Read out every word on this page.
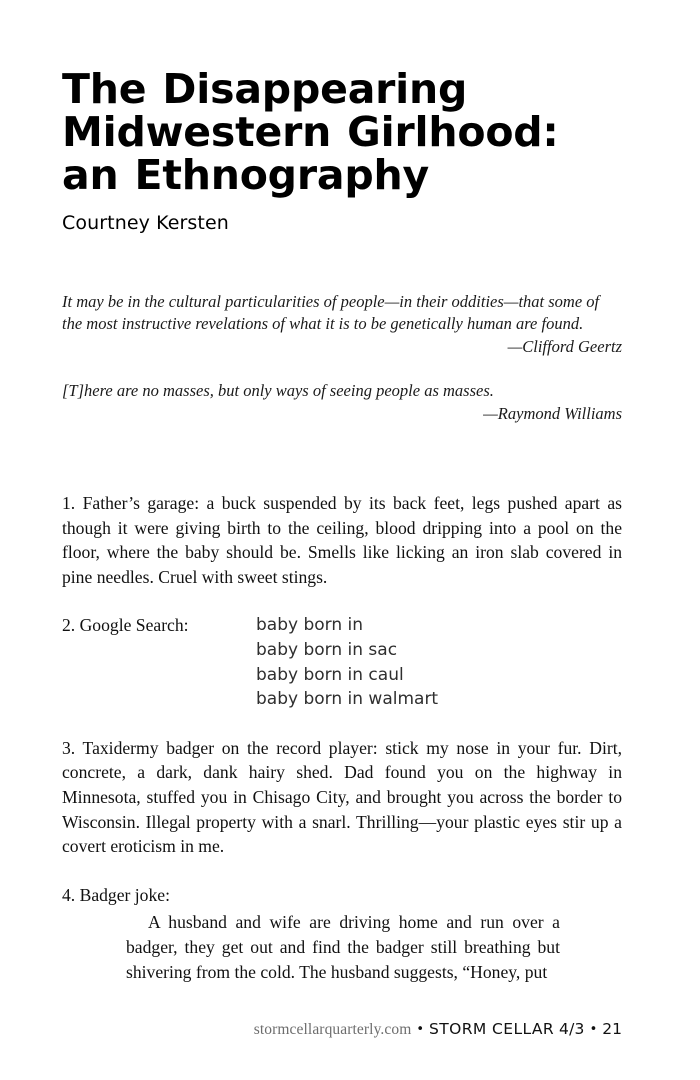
The Disappearing
Midwestern Girlhood:
an Ethnography

Courtney Kersten

It may be in the cultural particularities of people—in their oddities—that some of the most instructive revelations of what it is to be genetically human are found.
—Clifford Geertz
[T]here are no masses, but only ways of seeing people as masses.
—Raymond Williams

1. Father’s garage: a buck suspended by its back feet, legs pushed apart as though it were giving birth to the ceiling, blood dripping into a pool on the floor, where the baby should be. Smells like licking an iron slab covered in pine needles. Cruel with sweet stings.

2. Google Search:	baby born in
baby born in sac
baby born in caul
baby born in walmart

3. Taxidermy badger on the record player: stick my nose in your fur. Dirt, concrete, a dark, dank hairy shed. Dad found you on the highway in Minnesota, stuffed you in Chisago City, and brought you across the border to Wisconsin. Illegal property with a snarl. Thrilling—your plastic eyes stir up a covert eroticism in me.

4. Badger joke:

A husband and wife are driving home and run over a badger, they get out and find the badger still breathing but shivering from the cold. The husband suggests, “Honey, put

stormcellarquarterly.com • STORM CELLAR 4/3 • 21
